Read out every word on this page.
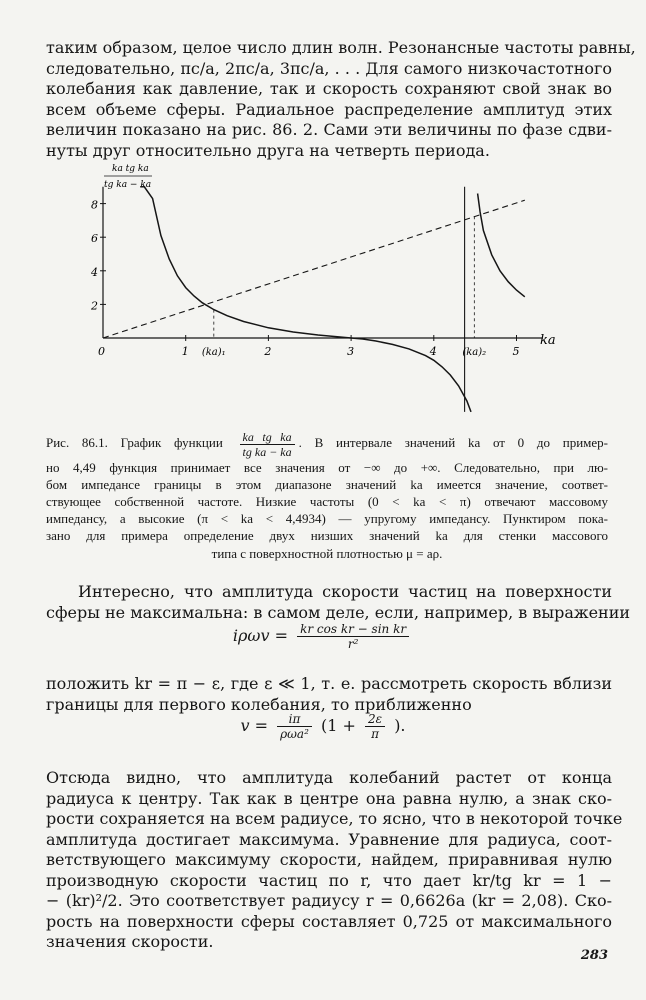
таким образом, целое число длин волн. Резонансные частоты равны,
следовательно, πc/a, 2πc/a, 3πc/a, . . . Для самого низкочастотного
колебания как давление, так и скорость сохраняют свой знак во
всем объеме сферы. Радиальное распределение амплитуд этих
величин показано на рис. 86. 2. Сами эти величины по фазе сдви-
нуты друг относительно друга на четверть периода.
ka tg ka
tg ka − ka
ka
2
4
6
8
0	1	2	3	4	5
(ka)₁	(ka)₂
Рис. 86.1. График функции $\frac{\text{ka tg ka}}{\text{tg ka − ka}}$ . В интервале значений ka от 0 до пример-
но 4,49 функция принимает все значения от −∞ до +∞. Следовательно, при лю-
бом импедансе границы в этом диапазоне значений ka имеется значение, соответ-
ствующее собственной частоте. Низкие частоты (0 < ka < π) отвечают массовому
импедансу, а высокие (π < ka < 4,4934) — упругому импедансу. Пунктиром пока-
зано для примера определение двух низших значений ka для стенки массового
типа с поверхностной плотностью μ = aρ.
Интересно, что амплитуда скорости частиц на поверхности
сферы не максимальна: в самом деле, если, например, в выражении
$i\rho\omega v = \frac{\text{kr cos kr − sin kr}}{\text{r²}}$
положить kr = π − ε, где ε ≪ 1, т. е. рассмотреть скорость вблизи
границы для первого колебания, то приближенно
$v = \frac{i\pi}{\text{ρωa²}} (1 + \frac{2\varepsilon}{\pi}$ ).
Отсюда видно, что амплитуда колебаний растет от конца
радиуса к центру. Так как в центре она равна нулю, а знак ско-
рости сохраняется на всем радиусе, то ясно, что в некоторой точке
амплитуда достигает максимума. Уравнение для радиуса, соот-
ветствующего максимуму скорости, найдем, приравнивая нулю
производную скорости частиц по r, что дает kr/tg kr = 1 −
− (kr)²/2. Это соответствует радиусу r = 0,6626a (kr = 2,08). Ско-
рость на поверхности сферы составляет 0,725 от максимального
значения скорости.
283
